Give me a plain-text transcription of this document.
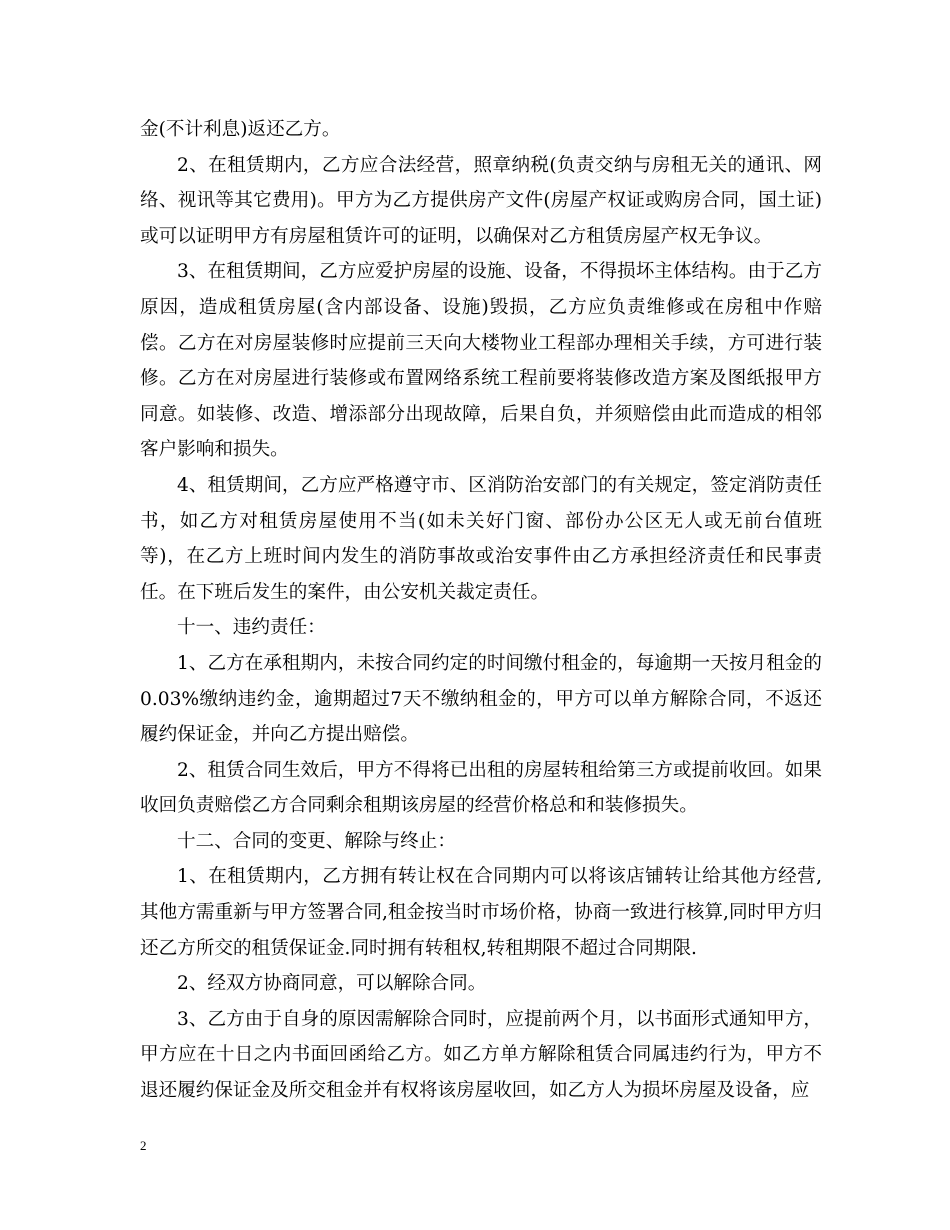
金(不计利息)返还乙方。

2、在租赁期内，乙方应合法经营，照章纳税(负责交纳与房租无关的通讯、网络、视讯等其它费用)。甲方为乙方提供房产文件(房屋产权证或购房合同，国土证)或可以证明甲方有房屋租赁许可的证明，以确保对乙方租赁房屋产权无争议。

3、在租赁期间，乙方应爱护房屋的设施、设备，不得损坏主体结构。由于乙方原因，造成租赁房屋(含内部设备、设施)毁损，乙方应负责维修或在房租中作赔偿。乙方在对房屋装修时应提前三天向大楼物业工程部办理相关手续，方可进行装修。乙方在对房屋进行装修或布置网络系统工程前要将装修改造方案及图纸报甲方同意。如装修、改造、增添部分出现故障，后果自负，并须赔偿由此而造成的相邻客户影响和损失。

4、租赁期间，乙方应严格遵守市、区消防治安部门的有关规定，签定消防责任书，如乙方对租赁房屋使用不当(如未关好门窗、部份办公区无人或无前台值班等)，在乙方上班时间内发生的消防事故或治安事件由乙方承担经济责任和民事责任。在下班后发生的案件，由公安机关裁定责任。

十一、违约责任：

1、乙方在承租期内，未按合同约定的时间缴付租金的，每逾期一天按月租金的0.03%缴纳违约金，逾期超过7天不缴纳租金的，甲方可以单方解除合同，不返还履约保证金，并向乙方提出赔偿。

2、租赁合同生效后，甲方不得将已出租的房屋转租给第三方或提前收回。如果收回负责赔偿乙方合同剩余租期该房屋的经营价格总和和装修损失。

十二、合同的变更、解除与终止：

1、在租赁期内，乙方拥有转让权在合同期内可以将该店铺转让给其他方经营,其他方需重新与甲方签署合同,租金按当时市场价格，协商一致进行核算,同时甲方归还乙方所交的租赁保证金.同时拥有转租权,转租期限不超过合同期限.

2、经双方协商同意，可以解除合同。

3、乙方由于自身的原因需解除合同时，应提前两个月，以书面形式通知甲方，甲方应在十日之内书面回函给乙方。如乙方单方解除租赁合同属违约行为，甲方不退还履约保证金及所交租金并有权将该房屋收回，如乙方人为损坏房屋及设备，应

2
